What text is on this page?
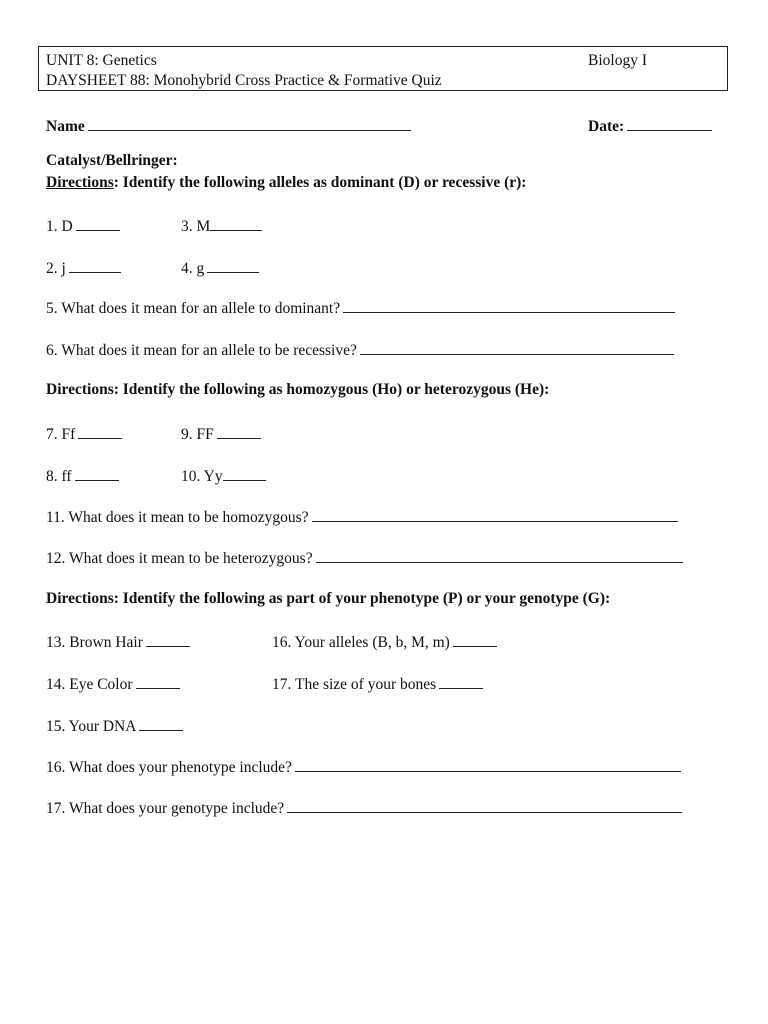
UNIT 8: Genetics	Biology I
DAYSHEET 88: Monohybrid Cross Practice & Formative Quiz
Name	Date:
Catalyst/Bellringer:
Directions: Identify the following alleles as dominant (D) or recessive (r):
1. D	3. M
2. j	4. g
5. What does it mean for an allele to dominant?
6. What does it mean for an allele to be recessive?
Directions: Identify the following as homozygous (Ho) or heterozygous (He):
7. Ff	9. FF
8. ff	10. Yy
11. What does it mean to be homozygous?
12. What does it mean to be heterozygous?
Directions: Identify the following as part of your phenotype (P) or your genotype (G):
13. Brown Hair	16. Your alleles (B, b, M, m)
14. Eye Color	17. The size of your bones
15. Your DNA
16. What does your phenotype include?
17. What does your genotype include?
